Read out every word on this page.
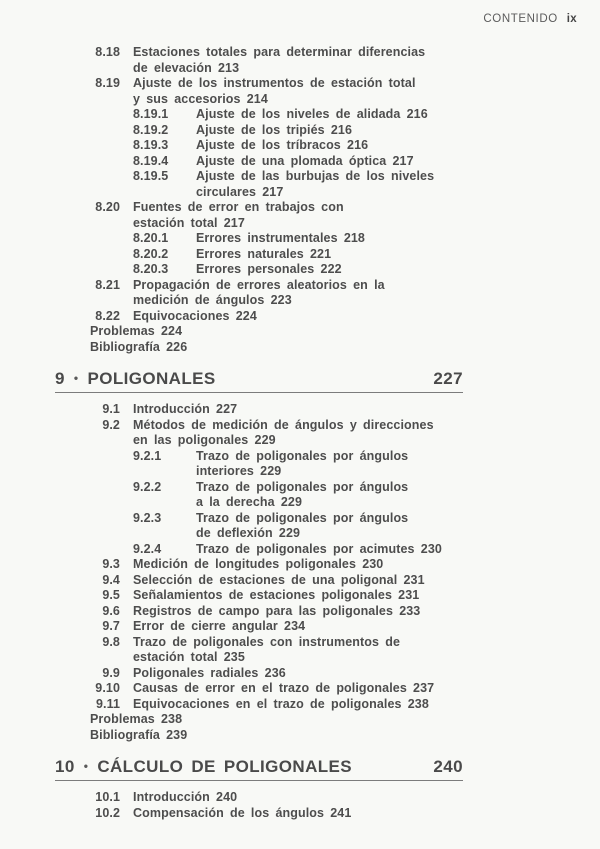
CONTENIDO ix
8.18 Estaciones totales para determinar diferencias
de elevación 213
8.19 Ajuste de los instrumentos de estación total
y sus accesorios 214
8.19.1	Ajuste de los niveles de alidada 216
8.19.2	Ajuste de los tripiés 216
8.19.3	Ajuste de los tríbracos 216
8.19.4	Ajuste de una plomada óptica 217
8.19.5	Ajuste de las burbujas de los niveles
circulares 217
8.20 Fuentes de error en trabajos con
estación total 217
8.20.1	Errores instrumentales 218
8.20.2	Errores naturales 221
8.20.3	Errores personales 222
8.21 Propagación de errores aleatorios en la
medición de ángulos 223
8.22 Equivocaciones 224
Problemas 224
Bibliografía 226
9 • POLIGONALES	227
9.1 Introducción 227
9.2 Métodos de medición de ángulos y direcciones
en las poligonales 229
9.2.1	Trazo de poligonales por ángulos
interiores 229
9.2.2	Trazo de poligonales por ángulos
a la derecha 229
9.2.3	Trazo de poligonales por ángulos
de deflexión 229
9.2.4	Trazo de poligonales por acimutes 230
9.3 Medición de longitudes poligonales 230
9.4 Selección de estaciones de una poligonal 231
9.5 Señalamientos de estaciones poligonales 231
9.6 Registros de campo para las poligonales 233
9.7 Error de cierre angular 234
9.8 Trazo de poligonales con instrumentos de
estación total 235
9.9 Poligonales radiales 236
9.10 Causas de error en el trazo de poligonales 237
9.11 Equivocaciones en el trazo de poligonales 238
Problemas 238
Bibliografía 239
10 • CÁLCULO DE POLIGONALES	240
10.1 Introducción 240
10.2 Compensación de los ángulos 241
